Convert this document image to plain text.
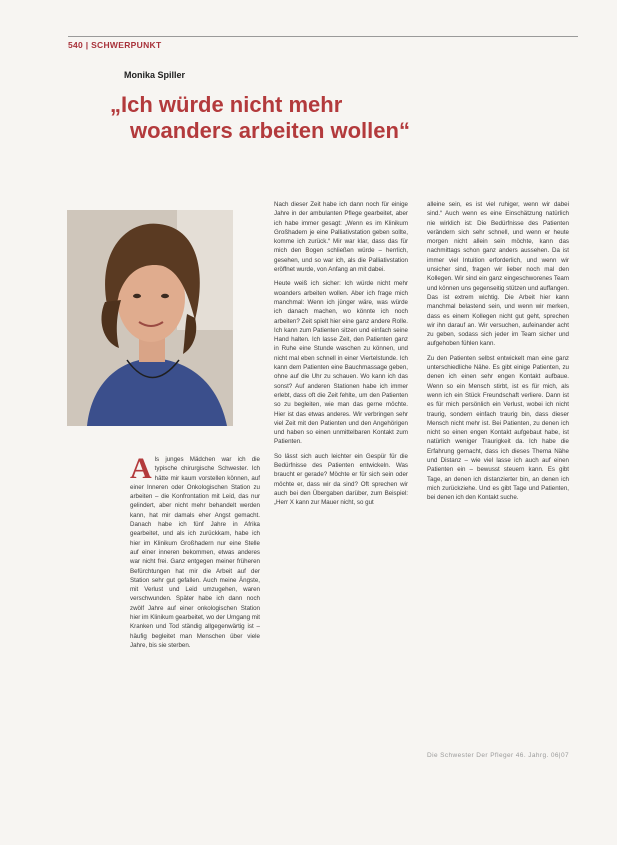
540 | SCHWERPUNKT
Monika Spiller
„Ich würde nicht mehr
woanders arbeiten wollen“

Als junges Mädchen war ich die typische chirurgische Schwester. Ich hätte mir kaum vorstellen können, auf einer Inneren oder Onkologischen Station zu arbeiten – die Konfrontation mit Leid, das nur gelindert, aber nicht mehr behandelt werden kann, hat mir damals eher Angst gemacht. Danach habe ich fünf Jahre in Afrika gearbeitet, und als ich zurückkam, habe ich hier im Klinikum Großhadern nur eine Stelle auf einer inneren bekommen, etwas anderes war nicht frei. Ganz entgegen meiner früheren Befürchtungen hat mir die Arbeit auf der Station sehr gut gefallen. Auch meine Ängste, mit Verlust und Leid umzugehen, waren verschwunden. Später habe ich dann noch zwölf Jahre auf einer onkologischen Station hier im Klinikum gearbeitet, wo der Umgang mit Kranken und Tod ständig allgegenwärtig ist – häufig begleitet man Menschen über viele Jahre, bis sie sterben.

Nach dieser Zeit habe ich dann noch für einige Jahre in der ambulanten Pflege gearbeitet, aber ich habe immer gesagt: „Wenn es im Klinikum Großhadern je eine Palliativstation geben sollte, komme ich zurück.“ Mir war klar, dass das für mich den Bogen schließen würde – herrlich, gesehen, und so war ich, als die Palliativstation eröffnet wurde, von Anfang an mit dabei.

Heute weiß ich sicher: Ich würde nicht mehr woanders arbeiten wollen. Aber ich frage mich manchmal: Wenn ich jünger wäre, was würde ich danach machen, wo könnte ich noch arbeiten? Zeit spielt hier eine ganz andere Rolle. Ich kann zum Patienten sitzen und einfach seine Hand halten. Ich lasse Zeit, den Patienten ganz in Ruhe eine Stunde waschen zu können, und nicht mal eben schnell in einer Viertelstunde. Ich kann dem Patienten eine Bauchmassage geben, ohne auf die Uhr zu schauen. Wo kann ich das sonst? Auf anderen Stationen habe ich immer erlebt, dass oft die Zeit fehlte, um den Patienten so zu begleiten, wie man das gerne möchte. Hier ist das etwas anderes. Wir verbringen sehr viel Zeit mit den Patienten und den Angehörigen und haben so einen unmittelbaren Kontakt zum Patienten.

So lässt sich auch leichter ein Gespür für die Bedürfnisse des Patienten entwickeln. Was braucht er gerade? Möchte er für sich sein oder möchte er, dass wir da sind? Oft sprechen wir auch bei den Übergaben darüber, zum Beispiel: „Herr X kann zur Mauer nicht, so gut

alleine sein, es ist viel ruhiger, wenn wir dabei sind.“ Auch wenn es eine Einschätzung natürlich nie wirklich ist: Die Bedürfnisse des Patienten verändern sich sehr schnell, und wenn er heute morgen nicht allein sein möchte, kann das nachmittags schon ganz anders aussehen. Da ist immer viel Intuition erforderlich, und wenn wir unsicher sind, fragen wir lieber noch mal den Kollegen. Wir sind ein ganz eingeschworenes Team und können uns gegenseitig stützen und auffangen. Das ist extrem wichtig. Die Arbeit hier kann manchmal belastend sein, und wenn wir merken, dass es einem Kollegen nicht gut geht, sprechen wir ihn darauf an. Wir versuchen, aufeinander acht zu geben, sodass sich jeder im Team sicher und aufgehoben fühlen kann.

Zu den Patienten selbst entwickelt man eine ganz unterschiedliche Nähe. Es gibt einige Patienten, zu denen ich einen sehr engen Kontakt aufbaue. Wenn so ein Mensch stirbt, ist es für mich, als wenn ich ein Stück Freundschaft verliere. Dann ist es für mich persönlich ein Verlust, wobei ich nicht traurig, sondern einfach traurig bin, dass dieser Mensch nicht mehr ist. Bei Patienten, zu denen ich nicht so einen engen Kontakt aufgebaut habe, ist natürlich weniger Traurigkeit da. Ich habe die Erfahrung gemacht, dass ich dieses Thema Nähe und Distanz – wie viel lasse ich auch auf einen Patienten ein – bewusst steuern kann. Es gibt Tage, an denen ich distanzierter bin, an denen ich mich zurückziehe. Und es gibt Tage und Patienten, bei denen ich den Kontakt suche.

Die Schwester Der Pfleger 46. Jahrg. 06|07
